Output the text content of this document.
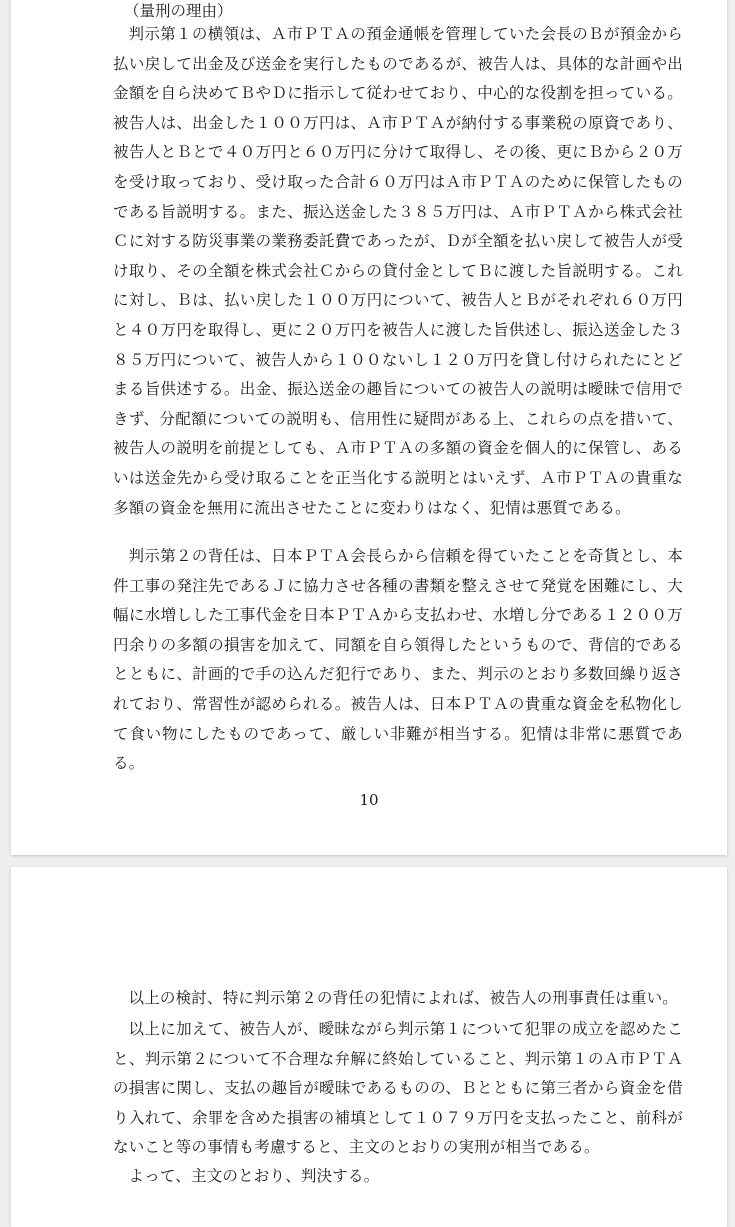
（量刑の理由）

判示第１の横領は、Ａ市ＰＴＡの預金通帳を管理していた会長のＢが預金から払い戻して出金及び送金を実行したものであるが、被告人は、具体的な計画や出金額を自ら決めてＢやＤに指示して従わせており、中心的な役割を担っている。被告人は、出金した１００万円は、Ａ市ＰＴＡが納付する事業税の原資であり、被告人とＢとで４０万円と６０万円に分けて取得し、その後、更にＢから２０万を受け取っており、受け取った合計６０万円はＡ市ＰＴＡのために保管したものである旨説明する。また、振込送金した３８５万円は、Ａ市ＰＴＡから株式会社Ｃに対する防災事業の業務委託費であったが、Ｄが全額を払い戻して被告人が受け取り、その全額を株式会社Ｃからの貸付金としてＢに渡した旨説明する。これに対し、Ｂは、払い戻した１００万円について、被告人とＢがそれぞれ６０万円と４０万円を取得し、更に２０万円を被告人に渡した旨供述し、振込送金した３８５万円について、被告人から１００ないし１２０万円を貸し付けられたにとどまる旨供述する。出金、振込送金の趣旨についての被告人の説明は曖昧で信用できず、分配額についての説明も、信用性に疑問がある上、これらの点を措いて、被告人の説明を前提としても、Ａ市ＰＴＡの多額の資金を個人的に保管し、あるいは送金先から受け取ることを正当化する説明とはいえず、Ａ市ＰＴＡの貴重な多額の資金を無用に流出させたことに変わりはなく、犯情は悪質である。

判示第２の背任は、日本ＰＴＡ会長らから信頼を得ていたことを奇貨とし、本件工事の発注先であるＪに協力させ各種の書類を整えさせて発覚を困難にし、大幅に水増しした工事代金を日本ＰＴＡから支払わせ、水増し分である１２００万円余りの多額の損害を加えて、同額を自ら領得したというもので、背信的であるとともに、計画的で手の込んだ犯行であり、また、判示のとおり多数回繰り返されており、常習性が認められる。被告人は、日本ＰＴＡの貴重な資金を私物化して食い物にしたものであって、厳しい非難が相当する。犯情は非常に悪質である。

10

以上の検討、特に判示第２の背任の犯情によれば、被告人の刑事責任は重い。

以上に加えて、被告人が、曖昧ながら判示第１について犯罪の成立を認めたこと、判示第２について不合理な弁解に終始していること、判示第１のＡ市ＰＴＡの損害に関し、支払の趣旨が曖昧であるものの、Ｂとともに第三者から資金を借り入れて、余罪を含めた損害の補填として１０７９万円を支払ったこと、前科がないこと等の事情も考慮すると、主文のとおりの実刑が相当である。

よって、主文のとおり、判決する。
